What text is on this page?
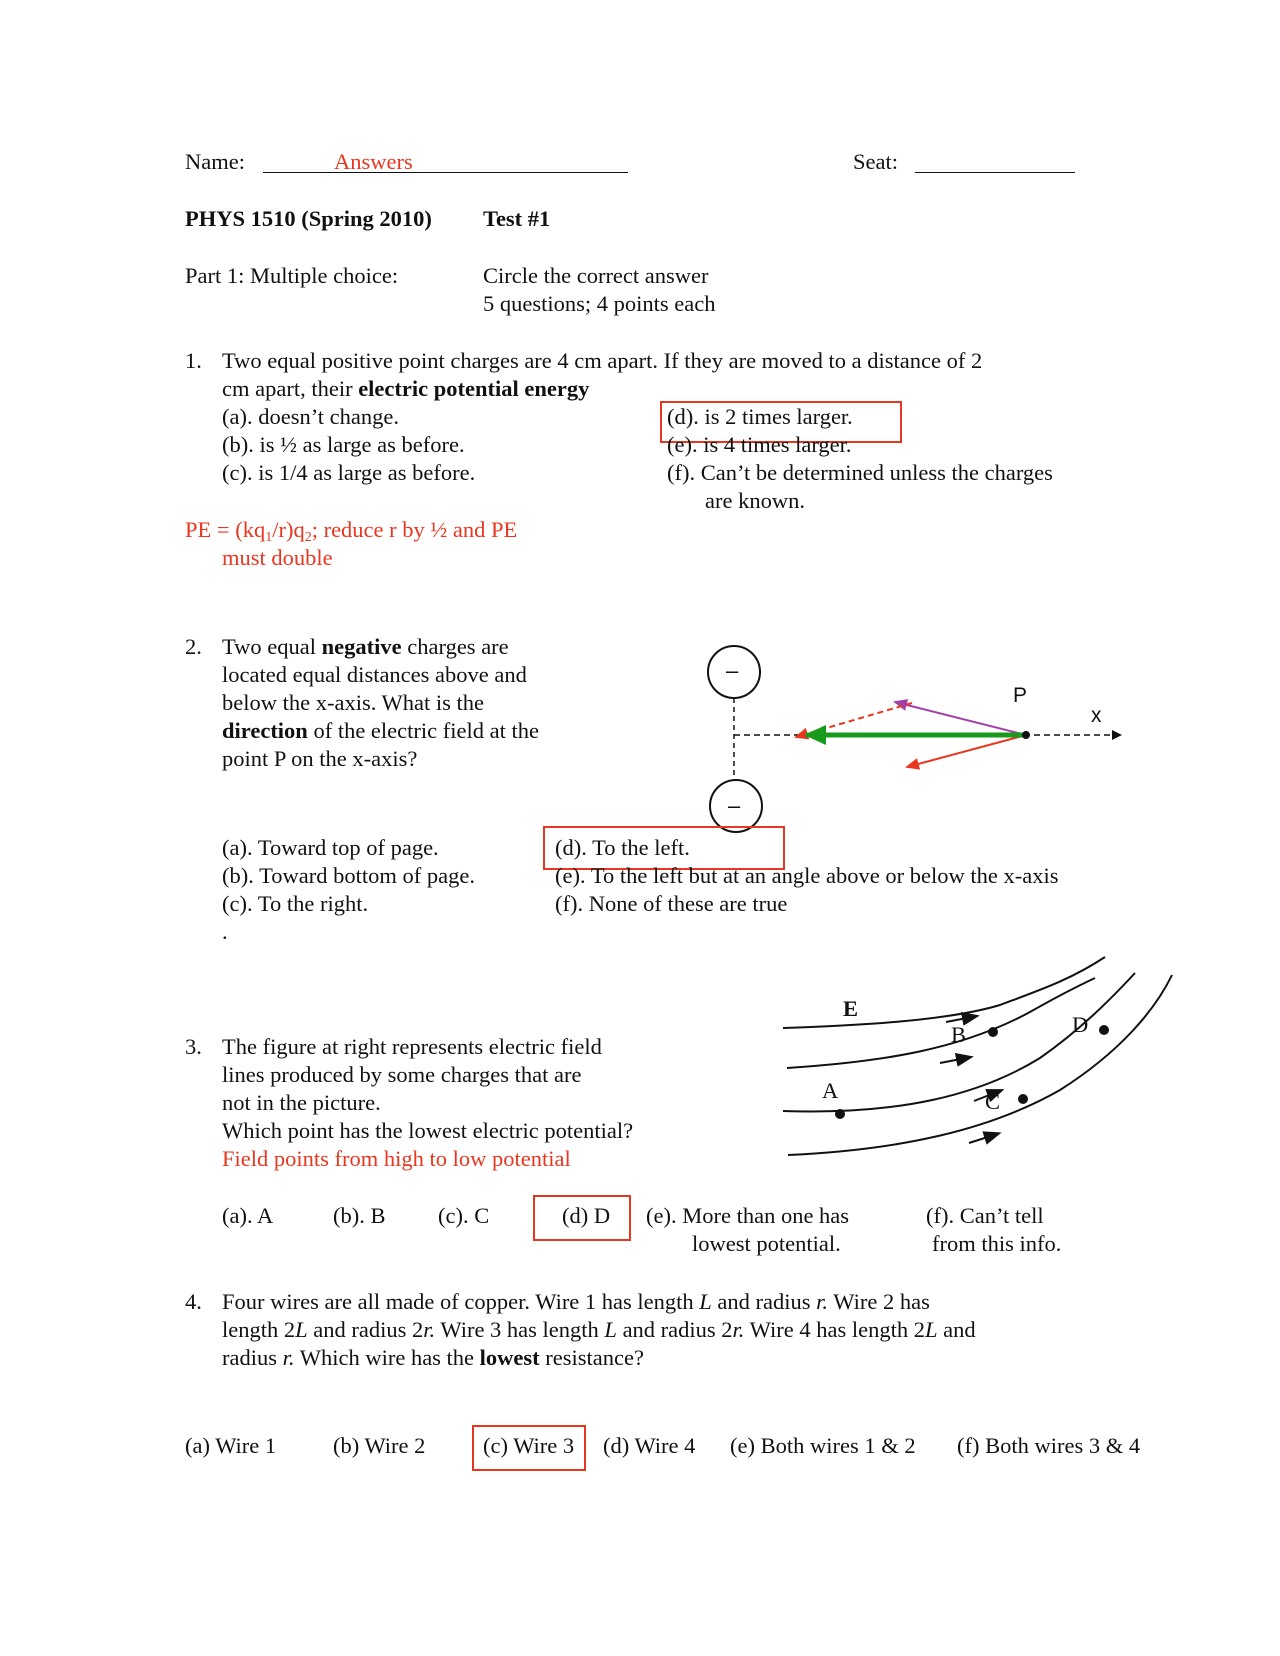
Name:	Answers	Seat:
PHYS 1510 (Spring 2010) Test #1
Part 1: Multiple choice:	Circle the correct answer
5 questions; 4 points each
1. Two equal positive point charges are 4 cm apart. If they are moved to a distance of 2
cm apart, their electric potential energy
(a). doesn’t change.
(b). is ½ as large as before.
(c). is 1/4 as large as before.
(d). is 2 times larger.
(e). is 4 times larger.
(f). Can’t be determined unless the charges
are known.
PE = $(kq_1/r)q_2$; reduce r by ½ and PE
must double
2. Two equal negative charges are
located equal distances above and
below the x-axis. What is the
direction of the electric field at the
point P on the x-axis?
–
–
P
x
(a). Toward top of page.
(b). Toward bottom of page.
(c). To the right.
.
(d). To the left.
(e). To the left but at an angle above or below the x-axis
(f). None of these are true
E
B	D
A	C
3. The figure at right represents electric field
lines produced by some charges that are
not in the picture.
Which point has the lowest electric potential?
Field points from high to low potential
(a). A	(b). B (c). C	(d) D (e). More than one has
lowest potential.
(f). Can’t tell
from this info.
4. Four wires are all made of copper. Wire 1 has length L and radius r. Wire 2 has
length 2L and radius 2r. Wire 3 has length L and radius 2r. Wire 4 has length 2L and
radius r. Which wire has the lowest resistance?
(a) Wire 1	(b) Wire 2	(c) Wire 3 (d) Wire 4 (e) Both wires 1 & 2 (f) Both wires 3 & 4
